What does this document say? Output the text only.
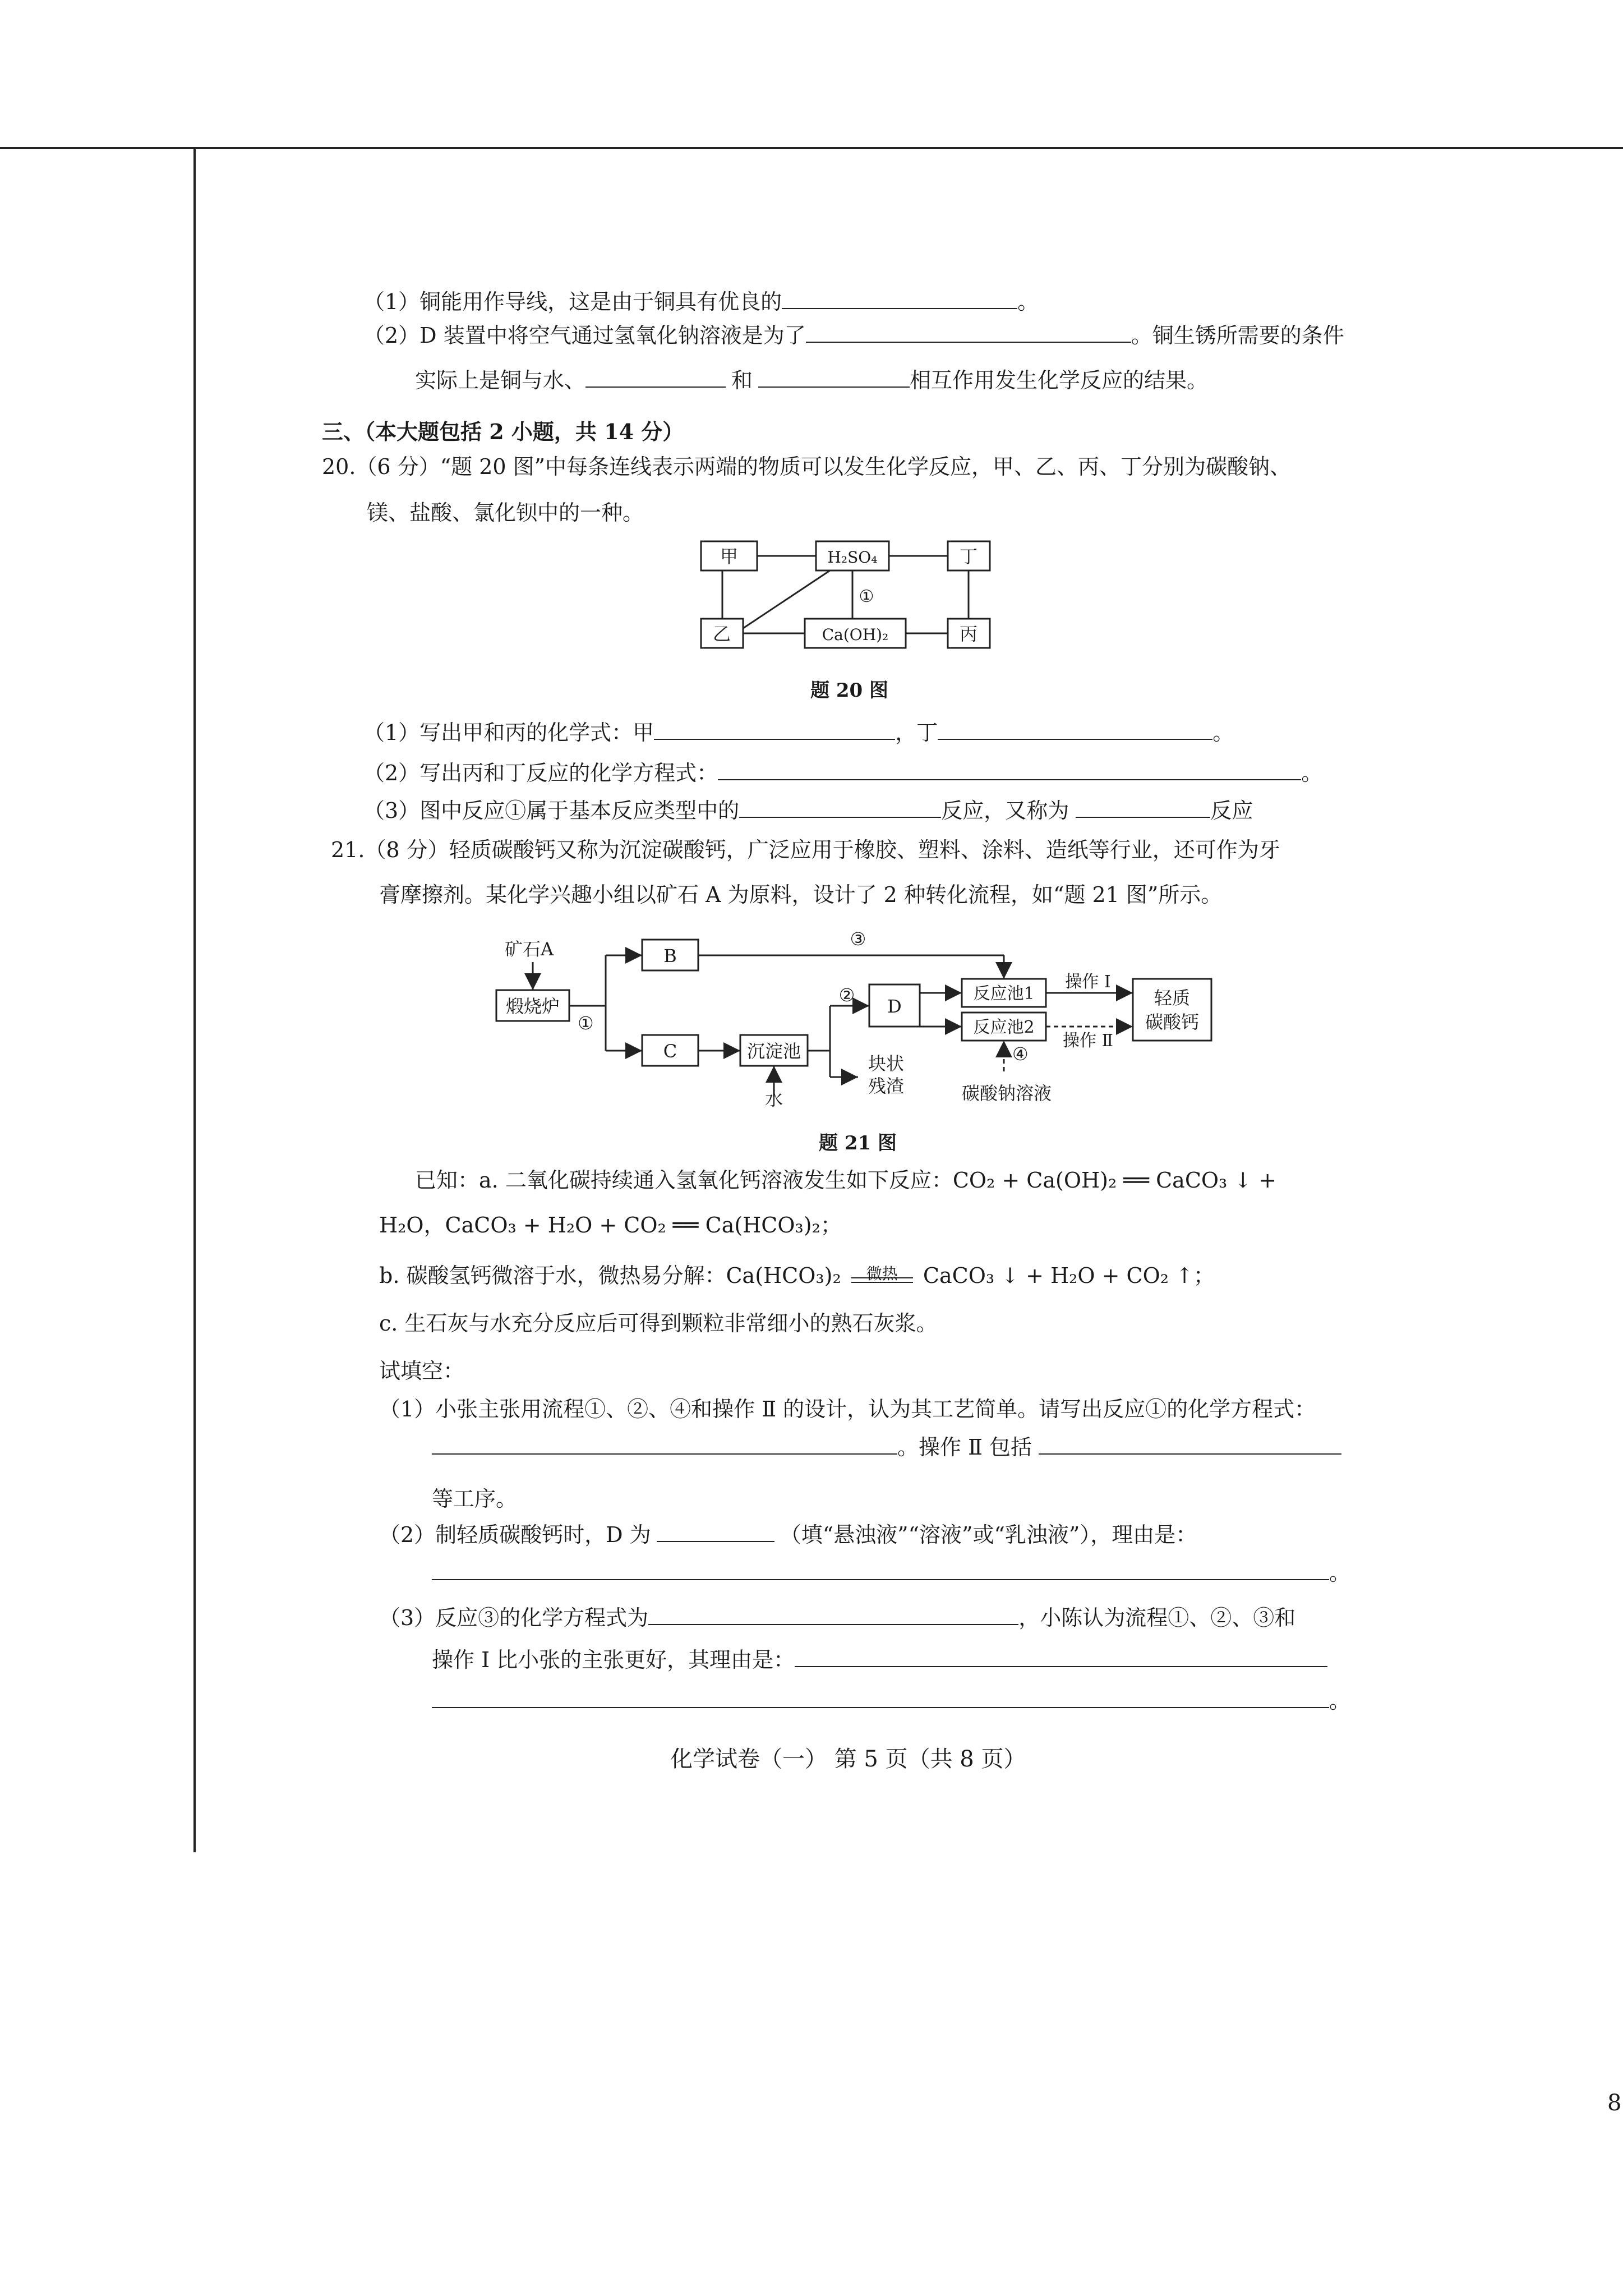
（1）铜能用作导线，这是由于铜具有优良的	。
（2）D 装置中将空气通过氢氧化钠溶液是为了	。铜生锈所需要的条件
实际上是铜与水、	和	相互作用发生化学反应的结果。
三、（本大题包括 2 小题，共 14 分）
20.（6 分）“题 20 图”中每条连线表示两端的物质可以发生化学反应，甲、乙、丙、丁分别为碳酸钠、
镁、盐酸、氯化钡中的一种。
甲	H₂SO₄	丁
①
乙	Ca(OH)₂	丙
题 20 图
（1）写出甲和丙的化学式：甲	，丁	。
（2）写出丙和丁反应的化学方程式：	。
（3）图中反应①属于基本反应类型中的	反应，又称为	反应
21.（8 分）轻质碳酸钙又称为沉淀碳酸钙，广泛应用于橡胶、塑料、涂料、造纸等行业，还可作为牙
膏摩擦剂。某化学兴趣小组以矿石 A 为原料，设计了 2 种转化流程，如“题 21 图”所示。
矿石A
煅烧炉
①
B
C
③
沉淀池
水
②
D
块状
残渣
反应池1
反应池2
④
碳酸钠溶液
操作 Ⅰ
操作 Ⅱ
轻质
碳酸钙
题 21 图
已知：a. 二氧化碳持续通入氢氧化钙溶液发生如下反应：CO₂ + Ca(OH)₂ ══ CaCO₃ ↓ +
H₂O，CaCO₃ + H₂O + CO₂ ══ Ca(HCO₃)₂；
b. 碳酸氢钙微溶于水，微热易分解：Ca(HCO₃)₂	微热	CaCO₃ ↓ + H₂O + CO₂ ↑；
c. 生石灰与水充分反应后可得到颗粒非常细小的熟石灰浆。
试填空：
（1）小张主张用流程①、②、④和操作 Ⅱ 的设计，认为其工艺简单。请写出反应①的化学方程式：
。操作 Ⅱ 包括
等工序。
（2）制轻质碳酸钙时，D 为	（填“悬浊液”“溶液”或“乳浊液”），理由是：
。
（3）反应③的化学方程式为	，小陈认为流程①、②、③和
操作 Ⅰ 比小张的主张更好，其理由是：
。
化学试卷（一） 第 5 页（共 8 页）
8
